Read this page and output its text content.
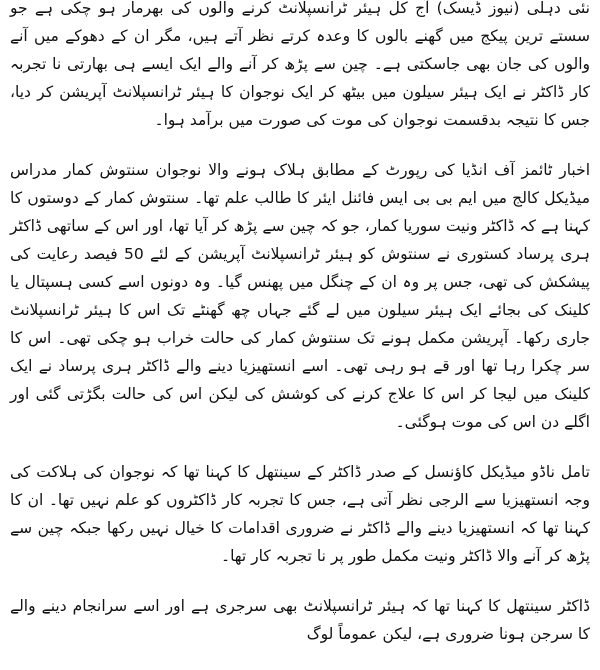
نئی دہلی (نیوز ڈیسک) آج کل ہیئر ٹرانسپلانٹ کرنے والوں کی بھرمار ہو چکی ہے جو سستے ترین پیکج میں گھنے بالوں کا وعدہ کرتے نظر آتے ہیں، مگر ان کے دھوکے میں آنے والوں کی جان بھی جاسکتی ہے۔ چین سے پڑھ کر آنے والے ایک ایسے ہی بھارتی نا تجربہ کار ڈاکٹر نے ایک ہیئر سیلون میں بیٹھ کر ایک نوجوان کا ہیئر ٹرانسپلانٹ آپریشن کر دیا، جس کا نتیجہ بدقسمت نوجوان کی موت کی صورت میں برآمد ہوا۔

اخبار ٹائمز آف انڈیا کی رپورٹ کے مطابق ہلاک ہونے والا نوجوان سنتوش کمار مدراس میڈیکل کالج میں ایم بی بی ایس فائنل ایئر کا طالب علم تھا۔ سنتوش کمار کے دوستوں کا کہنا ہے کہ ڈاکٹر ونیت سوریا کمار، جو کہ چین سے پڑھ کر آیا تھا، اور اس کے ساتھی ڈاکٹر ہری پرساد کستوری نے سنتوش کو ہیئر ٹرانسپلانٹ آپریشن کے لئے 50 فیصد رعایت کی پیشکش کی تھی، جس پر وہ ان کے چنگل میں پھنس گیا۔ وہ دونوں اسے کسی ہسپتال یا کلینک کی بجائے ایک ہیئر سیلون میں لے گئے جہاں چھ گھنٹے تک اس کا ہیئر ٹرانسپلانٹ جاری رکھا۔ آپریشن مکمل ہونے تک سنتوش کمار کی حالت خراب ہو چکی تھی۔ اس کا سر چکرا رہا تھا اور قے ہو رہی تھی۔ اسے انستھیزیا دینے والے ڈاکٹر ہری پرساد نے ایک کلینک میں لیجا کر اس کا علاج کرنے کی کوشش کی لیکن اس کی حالت بگڑتی گئی اور اگلے دن اس کی موت ہوگئی۔

تامل ناڈو میڈیکل کاؤنسل کے صدر ڈاکٹر کے سینتھل کا کہنا تھا کہ نوجوان کی ہلاکت کی وجہ انستھیزیا سے الرجی نظر آتی ہے، جس کا تجربہ کار ڈاکٹروں کو علم نہیں تھا۔ ان کا کہنا تھا کہ انستھیزیا دینے والے ڈاکٹر نے ضروری اقدامات کا خیال نہیں رکھا جبکہ چین سے پڑھ کر آنے والا ڈاکٹر ونیت مکمل طور پر نا تجربہ کار تھا۔

ڈاکٹر سینتھل کا کہنا تھا کہ ہیئر ٹرانسپلانٹ بھی سرجری ہے اور اسے سرانجام دینے والے کا سرجن ہونا ضروری ہے، لیکن عموماً لوگ
